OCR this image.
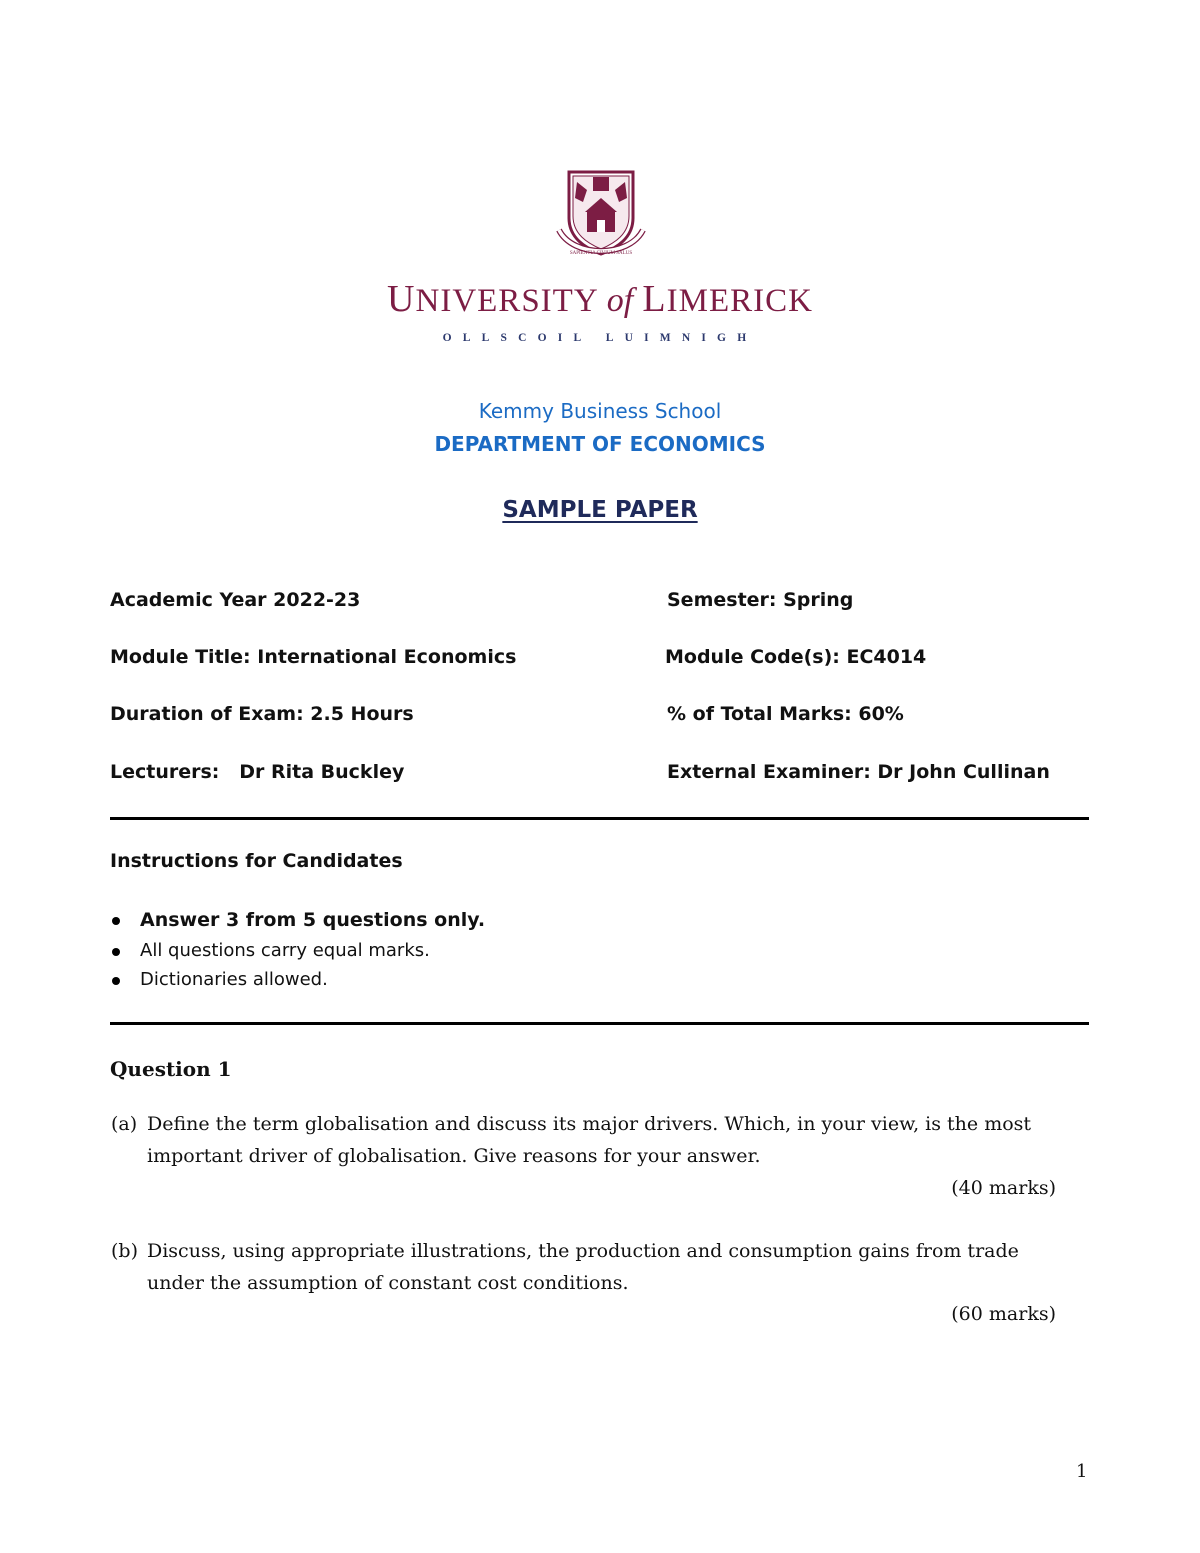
SAPIENTIA CIVIUM SALUS
UNIVERSITY of LIMERICK
OLLSCOIL LUIMNIGH
Kemmy Business School
DEPARTMENT OF ECONOMICS
SAMPLE PAPER
Academic Year 2022-23	Semester: Spring
Module Title: International Economics	Module Code(s): EC4014
Duration of Exam: 2.5 Hours	% of Total Marks: 60%
Lecturers:   Dr Rita Buckley	External Examiner: Dr John Cullinan
Instructions for Candidates
Answer 3 from 5 questions only.
All questions carry equal marks.
Dictionaries allowed.
Question 1
(a) Define the term globalisation and discuss its major drivers. Which, in your view, is the most
important driver of globalisation. Give reasons for your answer.
(40 marks)
(b) Discuss, using appropriate illustrations, the production and consumption gains from trade
under the assumption of constant cost conditions.
(60 marks)
1
